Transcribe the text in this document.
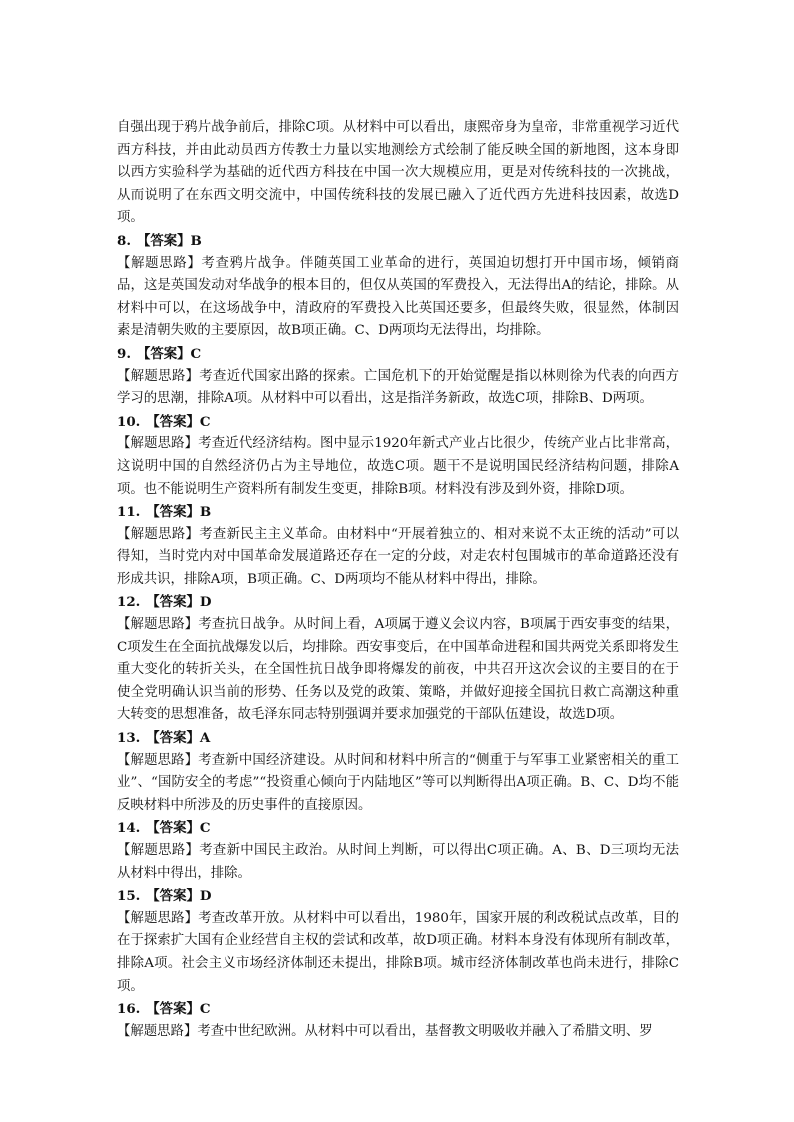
自强出现于鸦片战争前后，排除C项。从材料中可以看出，康熙帝身为皇帝，非常重视学习近代西方科技，并由此动员西方传教士力量以实地测绘方式绘制了能反映全国的新地图，这本身即以西方实验科学为基础的近代西方科技在中国一次大规模应用，更是对传统科技的一次挑战，从而说明了在东西文明交流中，中国传统科技的发展已融入了近代西方先进科技因素，故选D项。

8. 【答案】B

【解题思路】考查鸦片战争。伴随英国工业革命的进行，英国迫切想打开中国市场，倾销商品，这是英国发动对华战争的根本目的，但仅从英国的军费投入，无法得出A的结论，排除。从材料中可以，在这场战争中，清政府的军费投入比英国还要多，但最终失败，很显然，体制因素是清朝失败的主要原因，故B项正确。C、D两项均无法得出，均排除。

9. 【答案】C

【解题思路】考查近代国家出路的探索。亡国危机下的开始觉醒是指以林则徐为代表的向西方学习的思潮，排除A项。从材料中可以看出，这是指洋务新政，故选C项，排除B、D两项。

10. 【答案】C

【解题思路】考查近代经济结构。图中显示1920年新式产业占比很少，传统产业占比非常高，这说明中国的自然经济仍占为主导地位，故选C项。题干不是说明国民经济结构问题，排除A项。也不能说明生产资料所有制发生变更，排除B项。材料没有涉及到外资，排除D项。

11. 【答案】B

【解题思路】考查新民主主义革命。由材料中“开展着独立的、相对来说不太正统的活动”可以得知，当时党内对中国革命发展道路还存在一定的分歧，对走农村包围城市的革命道路还没有形成共识，排除A项，B项正确。C、D两项均不能从材料中得出，排除。

12. 【答案】D

【解题思路】考查抗日战争。从时间上看，A项属于遵义会议内容，B项属于西安事变的结果，C项发生在全面抗战爆发以后，均排除。西安事变后，在中国革命进程和国共两党关系即将发生重大变化的转折关头，在全国性抗日战争即将爆发的前夜，中共召开这次会议的主要目的在于使全党明确认识当前的形势、任务以及党的政策、策略，并做好迎接全国抗日救亡高潮这种重大转变的思想准备，故毛泽东同志特别强调并要求加强党的干部队伍建设，故选D项。

13. 【答案】A

【解题思路】考查新中国经济建设。从时间和材料中所言的“侧重于与军事工业紧密相关的重工业”、“国防安全的考虑”“投资重心倾向于内陆地区”等可以判断得出A项正确。B、C、D均不能反映材料中所涉及的历史事件的直接原因。

14. 【答案】C

【解题思路】考查新中国民主政治。从时间上判断，可以得出C项正确。A、B、D三项均无法从材料中得出，排除。

15. 【答案】D

【解题思路】考查改革开放。从材料中可以看出，1980年，国家开展的利改税试点改革，目的在于探索扩大国有企业经营自主权的尝试和改革，故D项正确。材料本身没有体现所有制改革，排除A项。社会主义市场经济体制还未提出，排除B项。城市经济体制改革也尚未进行，排除C项。

16. 【答案】C

【解题思路】考查中世纪欧洲。从材料中可以看出，基督教文明吸收并融入了希腊文明、罗
